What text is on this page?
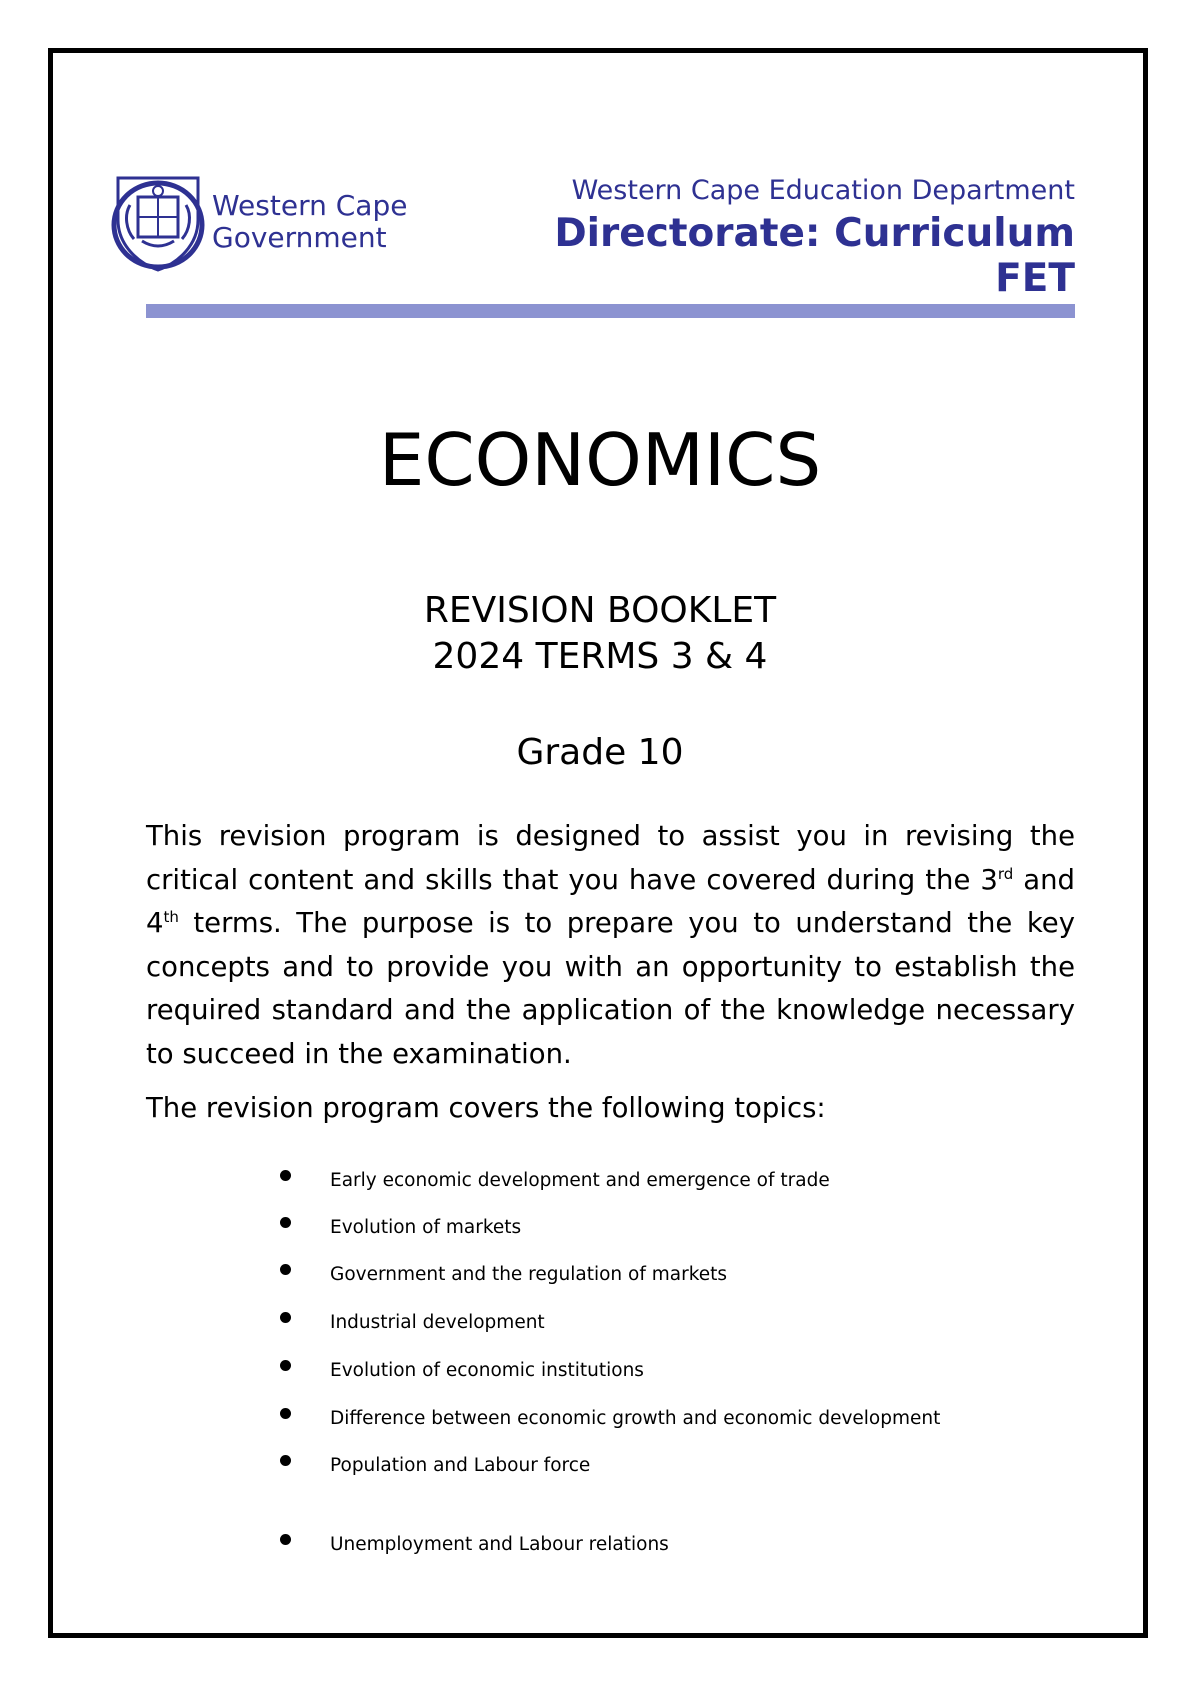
Western Cape
Government
Western Cape Education Department
Directorate: Curriculum
FET
ECONOMICS
REVISION BOOKLET
2024 TERMS 3 & 4
Grade 10
This revision program is designed to assist you in revising the critical content and skills that you have covered during the 3rd and 4th terms. The purpose is to prepare you to understand the key concepts and to provide you with an opportunity to establish the required standard and the application of the knowledge necessary to succeed in the examination.
The revision program covers the following topics:
Early economic development and emergence of trade
Evolution of markets
Government and the regulation of markets
Industrial development
Evolution of economic institutions
Difference between economic growth and economic development
Population and Labour force
Unemployment and Labour relations
